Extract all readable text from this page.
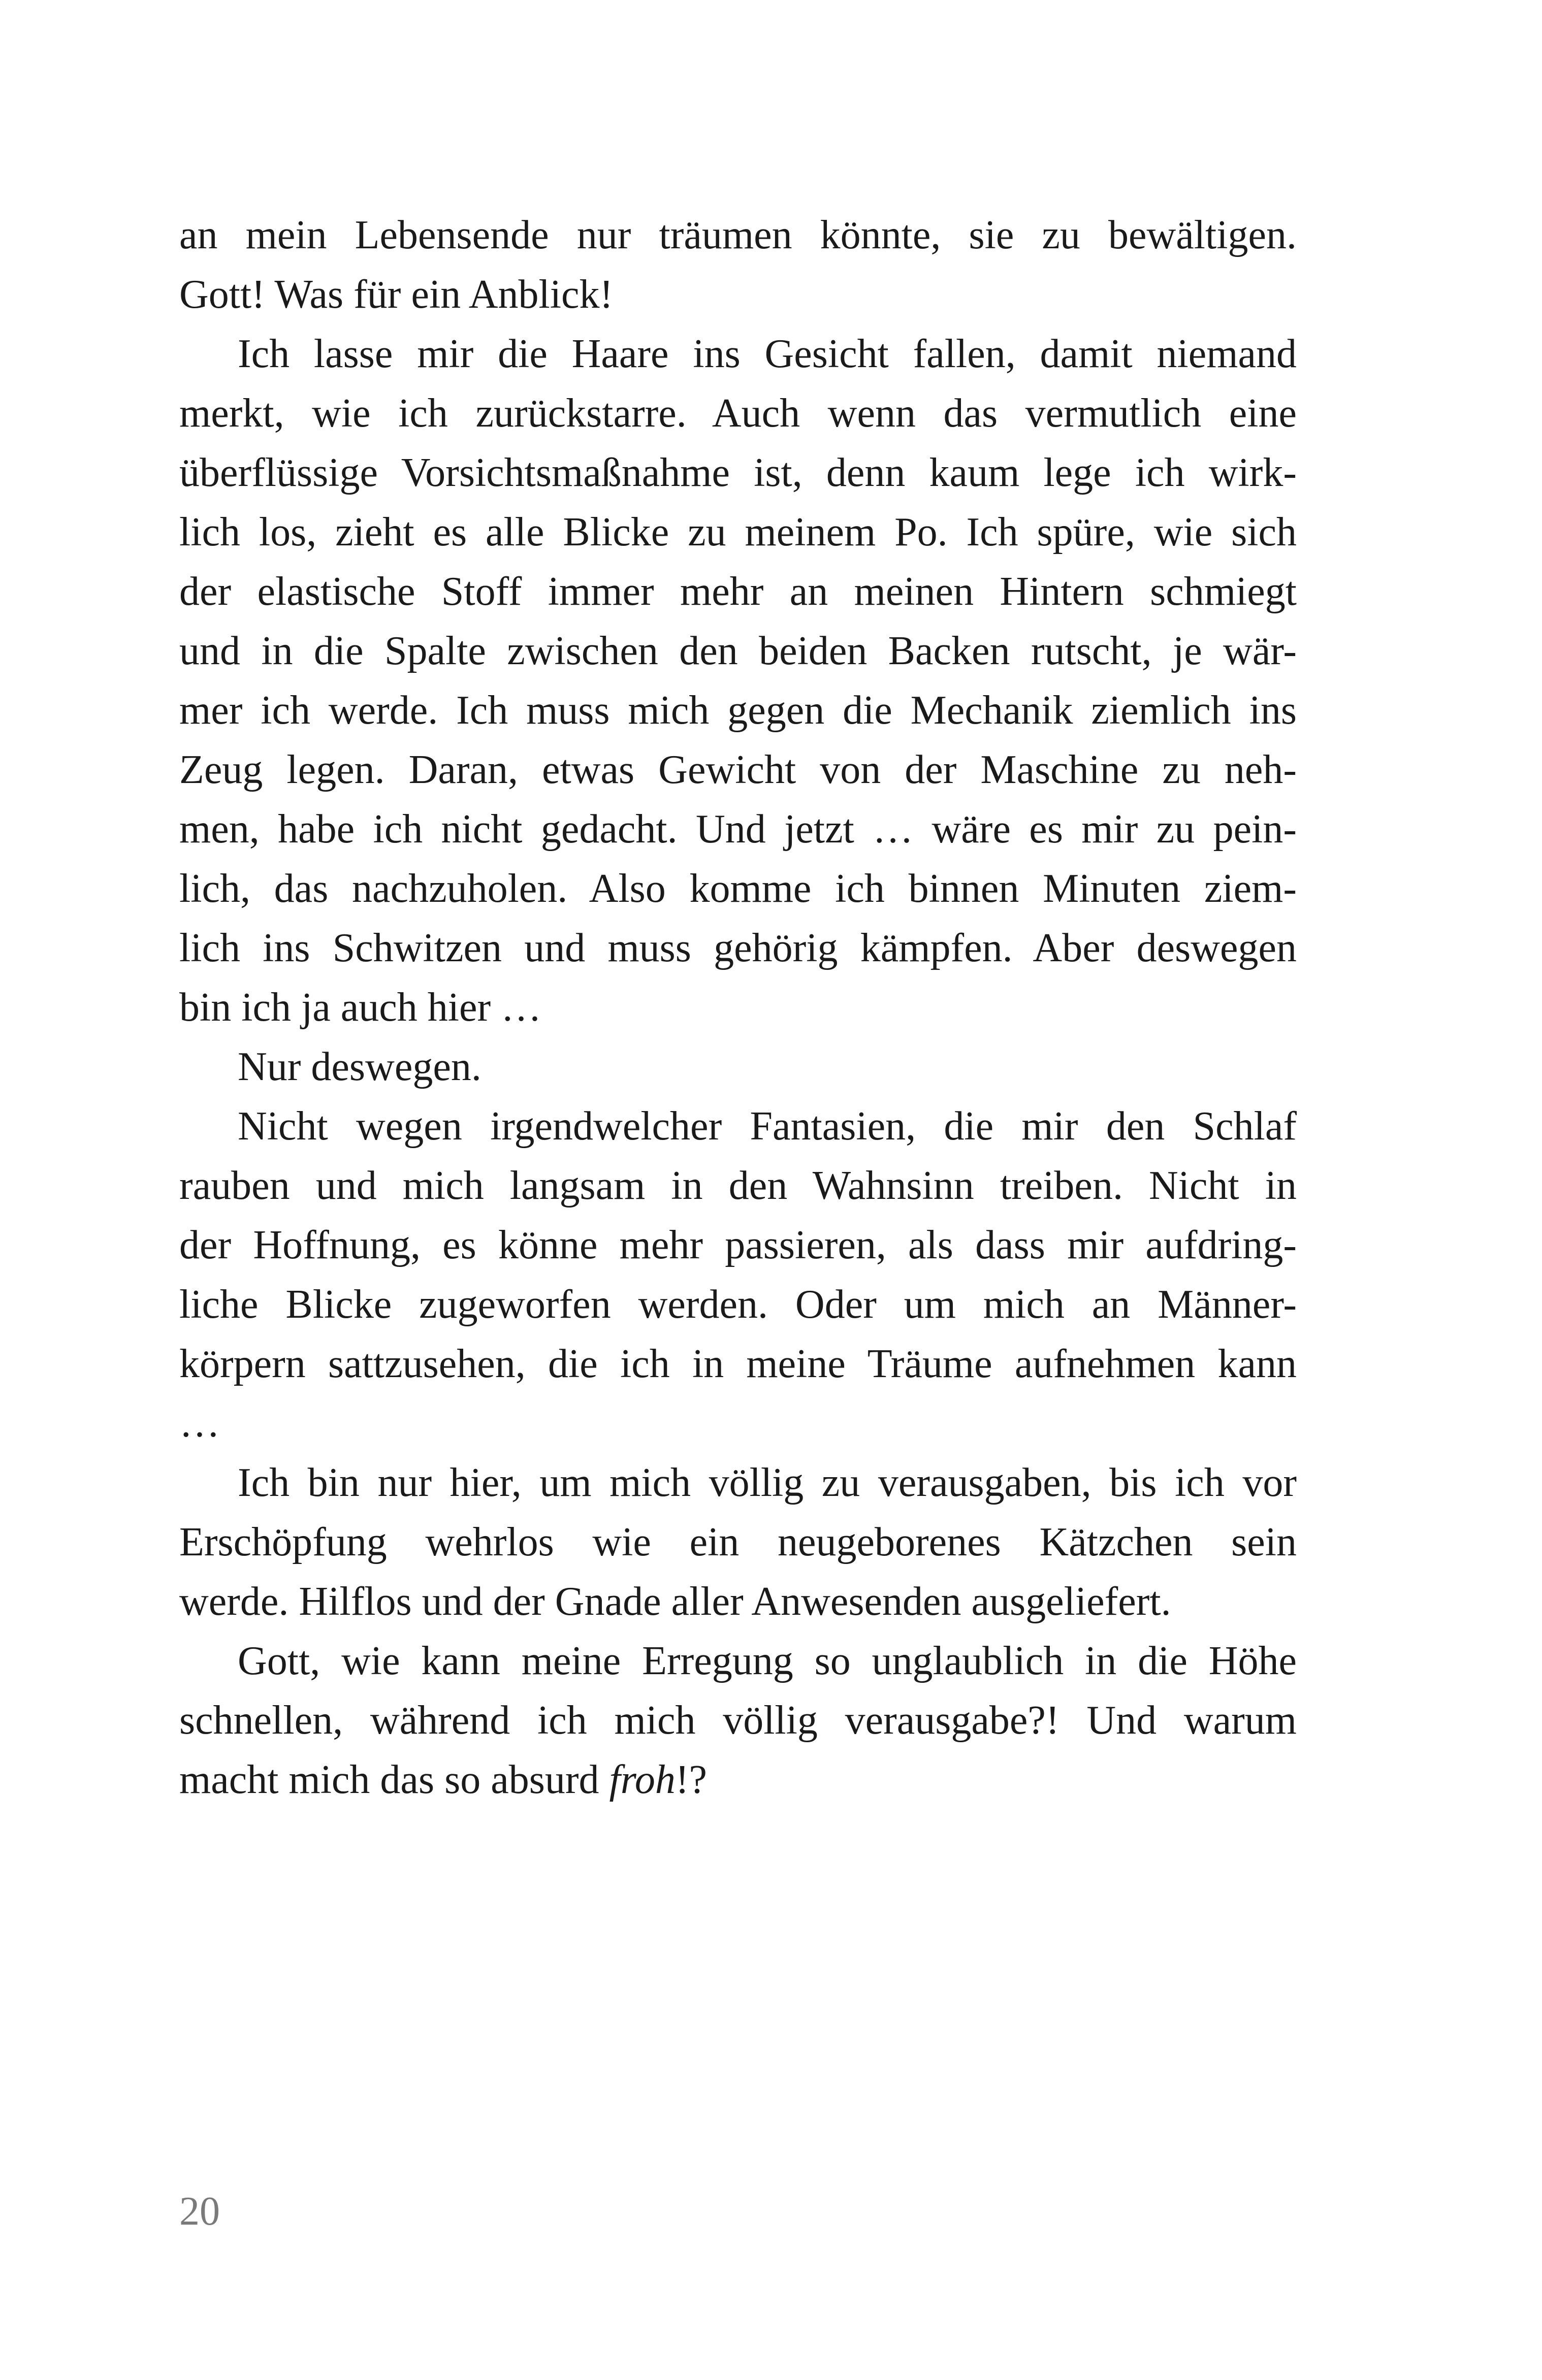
an mein Lebensende nur träumen könnte, sie zu bewältigen.
Gott! Was für ein Anblick!
Ich lasse mir die Haare ins Gesicht fallen, damit niemand
merkt, wie ich zurückstarre. Auch wenn das vermutlich eine
überflüssige Vorsichtsmaßnahme ist, denn kaum lege ich wirk-
lich los, zieht es alle Blicke zu meinem Po. Ich spüre, wie sich
der elastische Stoff immer mehr an meinen Hintern schmiegt
und in die Spalte zwischen den beiden Backen rutscht, je wär-
mer ich werde. Ich muss mich gegen die Mechanik ziemlich ins
Zeug legen. Daran, etwas Gewicht von der Maschine zu neh-
men, habe ich nicht gedacht. Und jetzt … wäre es mir zu pein-
lich, das nachzuholen. Also komme ich binnen Minuten ziem-
lich ins Schwitzen und muss gehörig kämpfen. Aber deswegen
bin ich ja auch hier …
Nur deswegen.
Nicht wegen irgendwelcher Fantasien, die mir den Schlaf
rauben und mich langsam in den Wahnsinn treiben. Nicht in
der Hoffnung, es könne mehr passieren, als dass mir aufdring-
liche Blicke zugeworfen werden. Oder um mich an Männer-
körpern sattzusehen, die ich in meine Träume aufnehmen kann
…
Ich bin nur hier, um mich völlig zu verausgaben, bis ich vor
Erschöpfung wehrlos wie ein neugeborenes Kätzchen sein
werde. Hilflos und der Gnade aller Anwesenden ausgeliefert.
Gott, wie kann meine Erregung so unglaublich in die Höhe
schnellen, während ich mich völlig verausgabe?! Und warum
macht mich das so absurd froh!?
20
